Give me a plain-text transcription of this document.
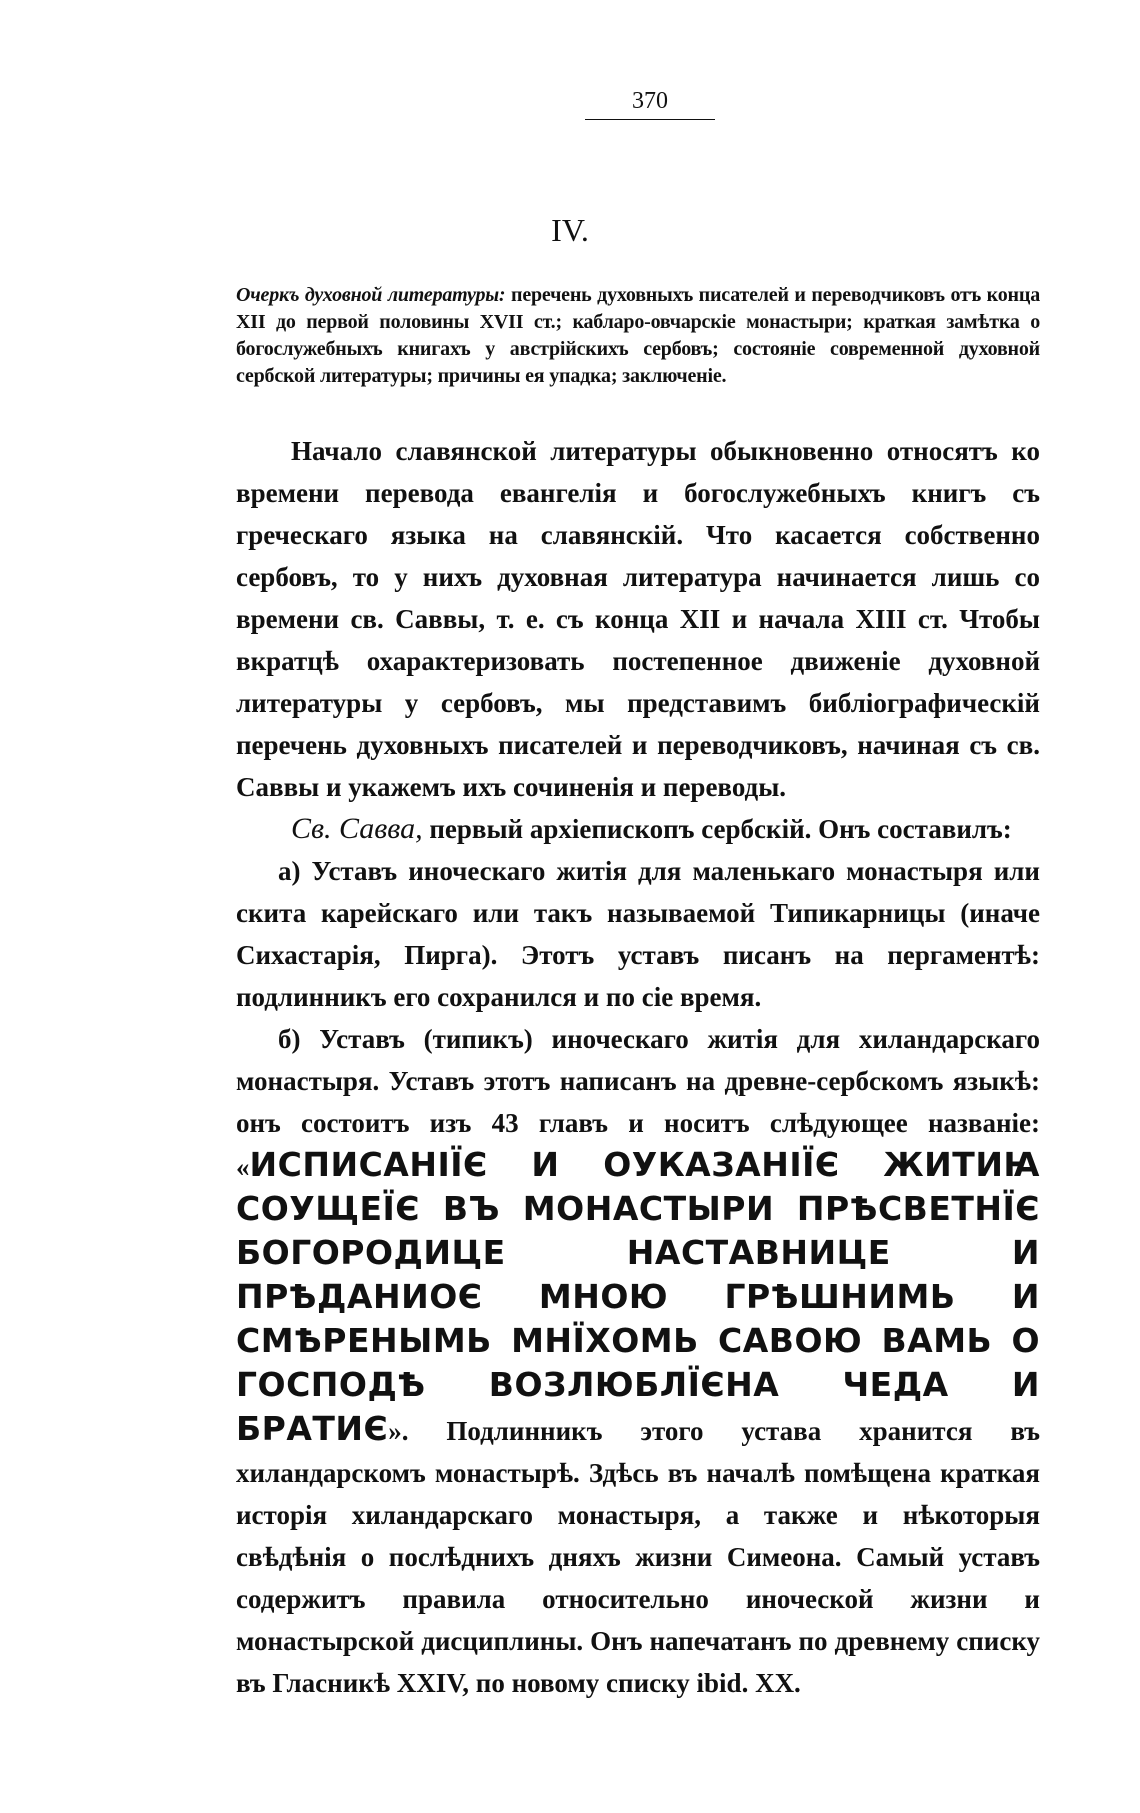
370
IV.
Очеркъ духовной литературы: перечень духовныхъ писателей и переводчиковъ отъ конца XII до первой половины XVII ст.; кабларо-овчарскіе монастыри; краткая замѣтка о богослужебныхъ книгахъ у австрійскихъ сербовъ; состояніе современной духовной сербской литературы; причины ея упадка; заключеніе.

Начало славянской литературы обыкновенно относятъ ко времени перевода евангелія и богослужебныхъ книгъ съ греческаго языка на славянскій. Что касается собственно сербовъ, то у нихъ духовная литература начинается лишь со времени св. Саввы, т. е. съ конца XII и начала XIII ст. Чтобы вкратцѣ охарактеризовать постепенное движеніе духовной литературы у сербовъ, мы представимъ библіографическій перечень духовныхъ писателей и переводчиковъ, начиная съ св. Саввы и укажемъ ихъ сочиненія и переводы.

Св. Савва, первый архіепископъ сербскій. Онъ составилъ:

а) Уставъ иноческаго житія для маленькаго монастыря или скита карейскаго или такъ называемой Типикарницы (иначе Сихастарія, Пирга). Этотъ уставъ писанъ на пергаментѣ: подлинникъ его сохранился и по сіе время.

б) Уставъ (типикъ) иноческаго житія для хиландарскаго монастыря. Уставъ этотъ написанъ на древне-сербскомъ языкѣ: онъ состоитъ изъ 43 главъ и носитъ слѣдующее названіе: «ИСПИСАНІЇЄ И ОУКАЗАНІЇЄ ЖИТИꙖ СОУЩЕЇЄ ВЪ МОНАСТЫРИ ПРѢСВЕТНЇЄ БОГОРОДИЦЕ НАСТАВНИЦЕ И ПРѢДАНИОЄ МНОЮ ГРѢШНИМЬ И СМѢРЕНЫМЬ МНЇХОМЬ САВОЮ ВАМЬ О ГОСПОДѢ ВОЗЛЮБЛЇЄНА ЧЕДА И БРАТИЄ». Подлинникъ этого устава хранится въ хиландарскомъ монастырѣ. Здѣсь въ началѣ помѣщена краткая исторія хиландарскаго монастыря, а также и нѣкоторыя свѣдѣнія о послѣднихъ дняхъ жизни Симеона. Самый уставъ содержитъ правила относительно иноческой жизни и монастырской дисциплины. Онъ напечатанъ по древнему списку въ Гласникѣ XXIV, по новому списку ibid. XX.
